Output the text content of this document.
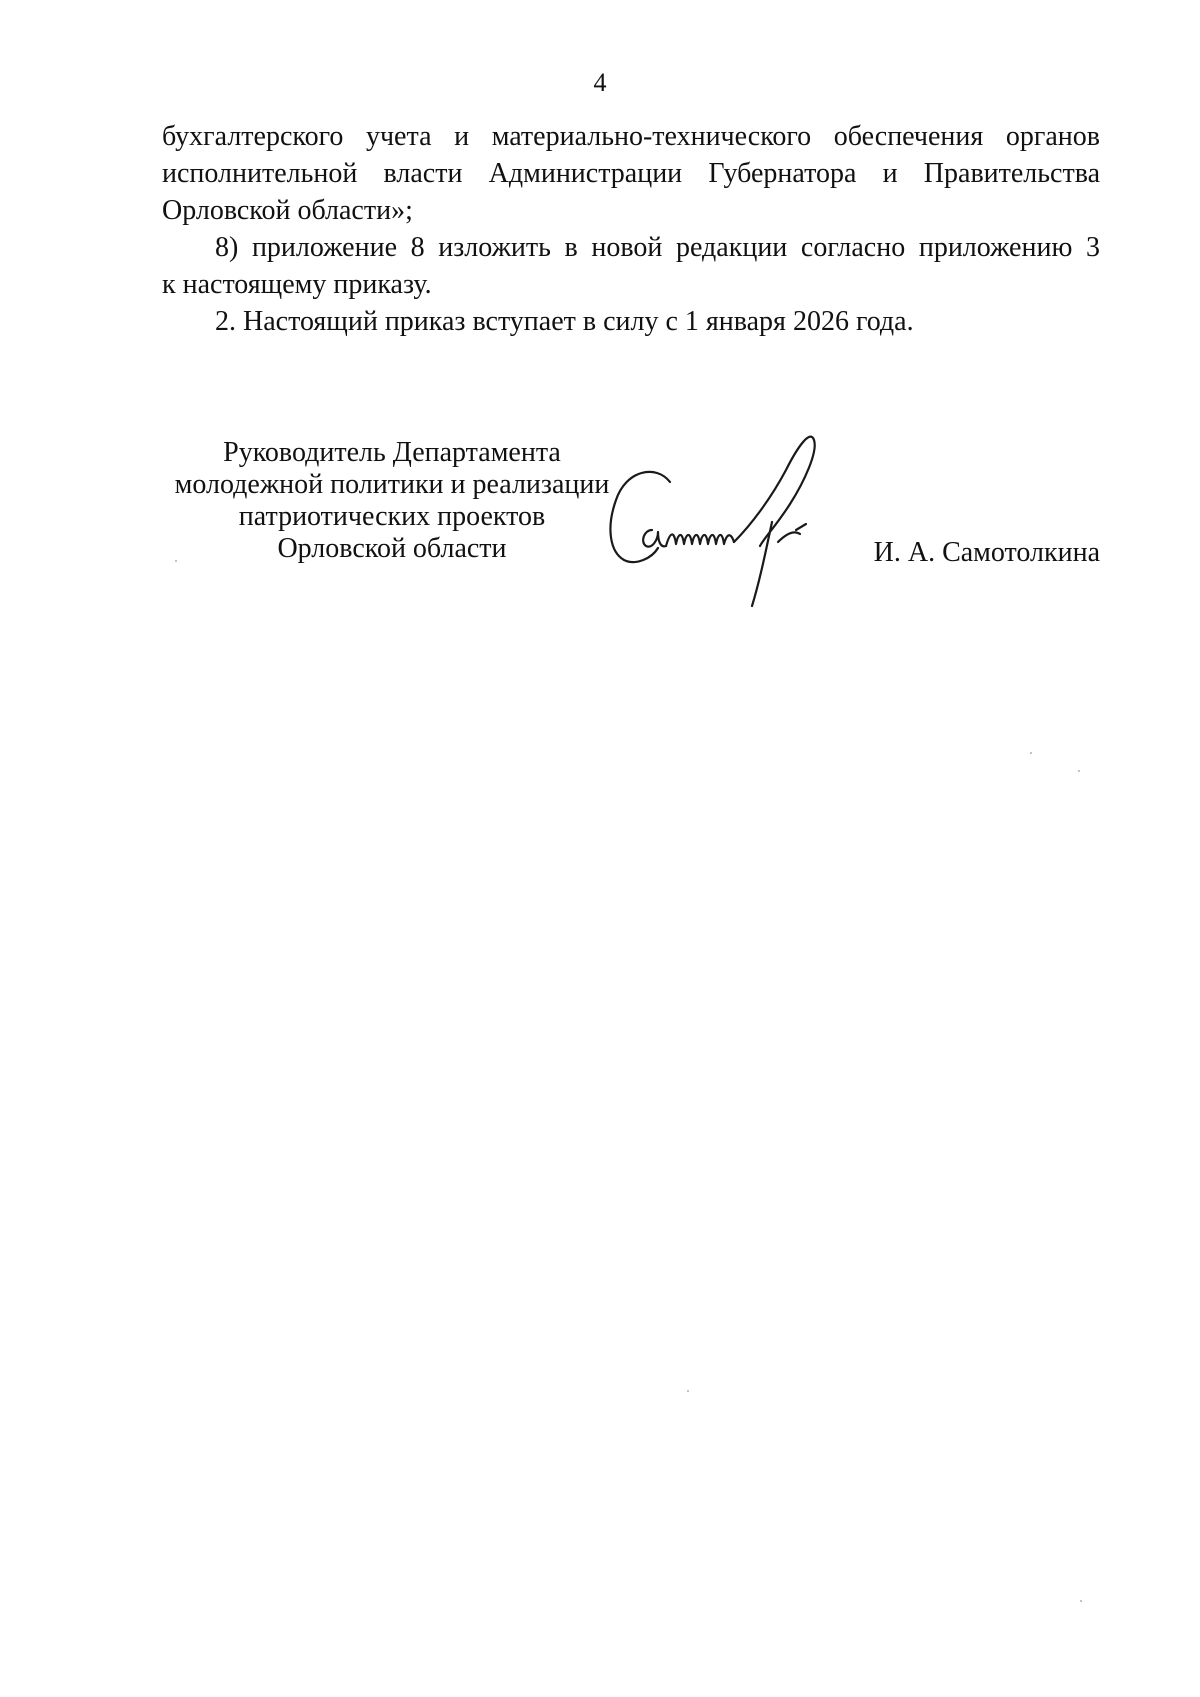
4
бухгалтерского учета и материально-технического обеспечения органов
исполнительной власти Администрации Губернатора и Правительства
Орловской области»;
8) приложение 8 изложить в новой редакции согласно приложению 3
к настоящему приказу.
2. Настоящий приказ вступает в силу с 1 января 2026 года.
Руководитель Департамента
молодежной политики и реализации
патриотических проектов
Орловской области	И. А. Самотолкина
